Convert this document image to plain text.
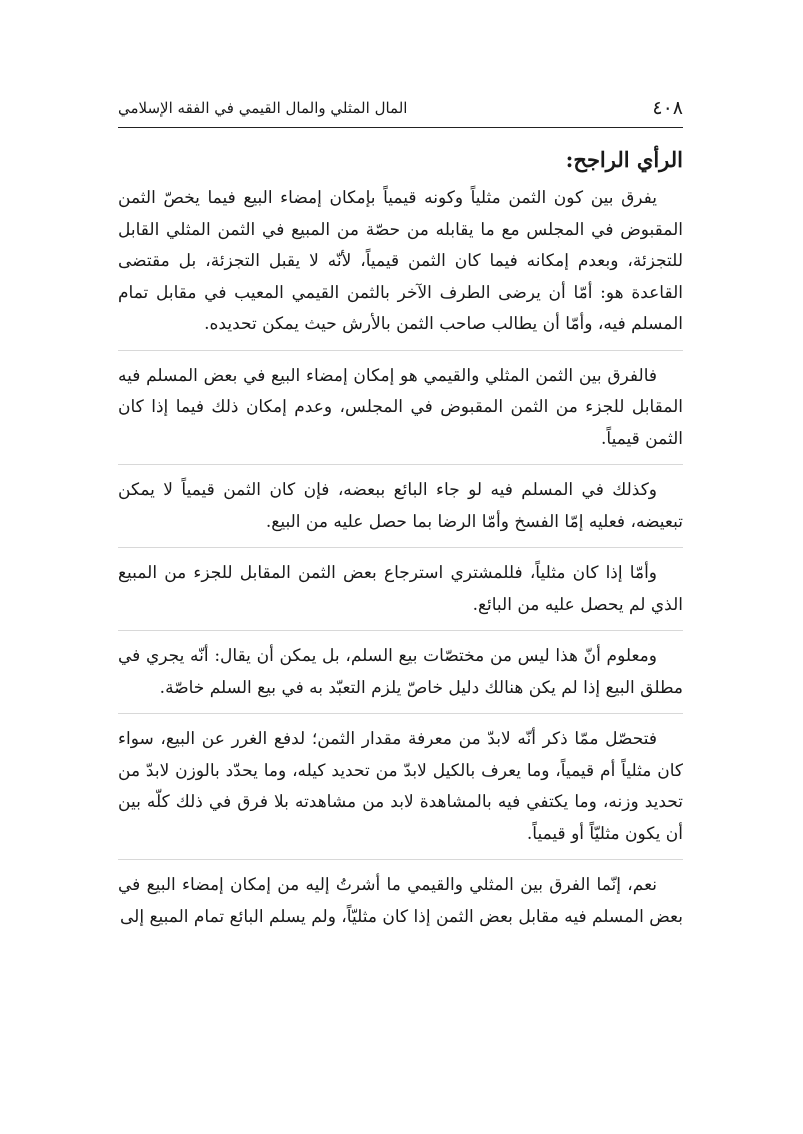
٤٠٨
المال المثلي والمال القيمي في الفقه الإسلامي
الرأي الراجح:

يفرق بين كون الثمن مثلياً وكونه قيمياً بإمكان إمضاء البيع فيما يخصّ الثمن المقبوض في المجلس مع ما يقابله من حصّة من المبيع في الثمن المثلي القابل للتجزئة، وبعدم إمكانه فيما كان الثمن قيمياً، لأنّه لا يقبل التجزئة، بل مقتضى القاعدة هو: أمّا أن يرضى الطرف الآخر بالثمن القيمي المعيب في مقابل تمام المسلم فيه، وأمّا أن يطالب صاحب الثمن بالأرش حيث يمكن تحديده.

فالفرق بين الثمن المثلي والقيمي هو إمكان إمضاء البيع في بعض المسلم فيه المقابل للجزء من الثمن المقبوض في المجلس، وعدم إمكان ذلك فيما إذا كان الثمن قيمياً.

وكذلك في المسلم فيه لو جاء البائع ببعضه، فإن كان الثمن قيمياً لا يمكن تبعيضه، فعليه إمّا الفسخ وأمّا الرضا بما حصل عليه من البيع.

وأمّا إذا كان مثلياً، فللمشتري استرجاع بعض الثمن المقابل للجزء من المبيع الذي لم يحصل عليه من البائع.

ومعلوم أنّ هذا ليس من مختصّات بيع السلم، بل يمكن أن يقال: أنّه يجري في مطلق البيع إذا لم يكن هنالك دليل خاصّ يلزم التعبّد به في بيع السلم خاصّة.

فتحصّل ممّا ذكر أنّه لابدّ من معرفة مقدار الثمن؛ لدفع الغرر عن البيع، سواء كان مثلياً أم قيمياً، وما يعرف بالكيل لابدّ من تحديد كيله، وما يحدّد بالوزن لابدّ من تحديد وزنه، وما يكتفي فيه بالمشاهدة لابد من مشاهدته بلا فرق في ذلك كلّه بين أن يكون مثليّاً أو قيمياً.

نعم، إنّما الفرق بين المثلي والقيمي ما أشرتُ إليه من إمكان إمضاء البيع في بعض المسلم فيه مقابل بعض الثمن إذا كان مثليّاً، ولم يسلم البائع تمام المبيع إلى
